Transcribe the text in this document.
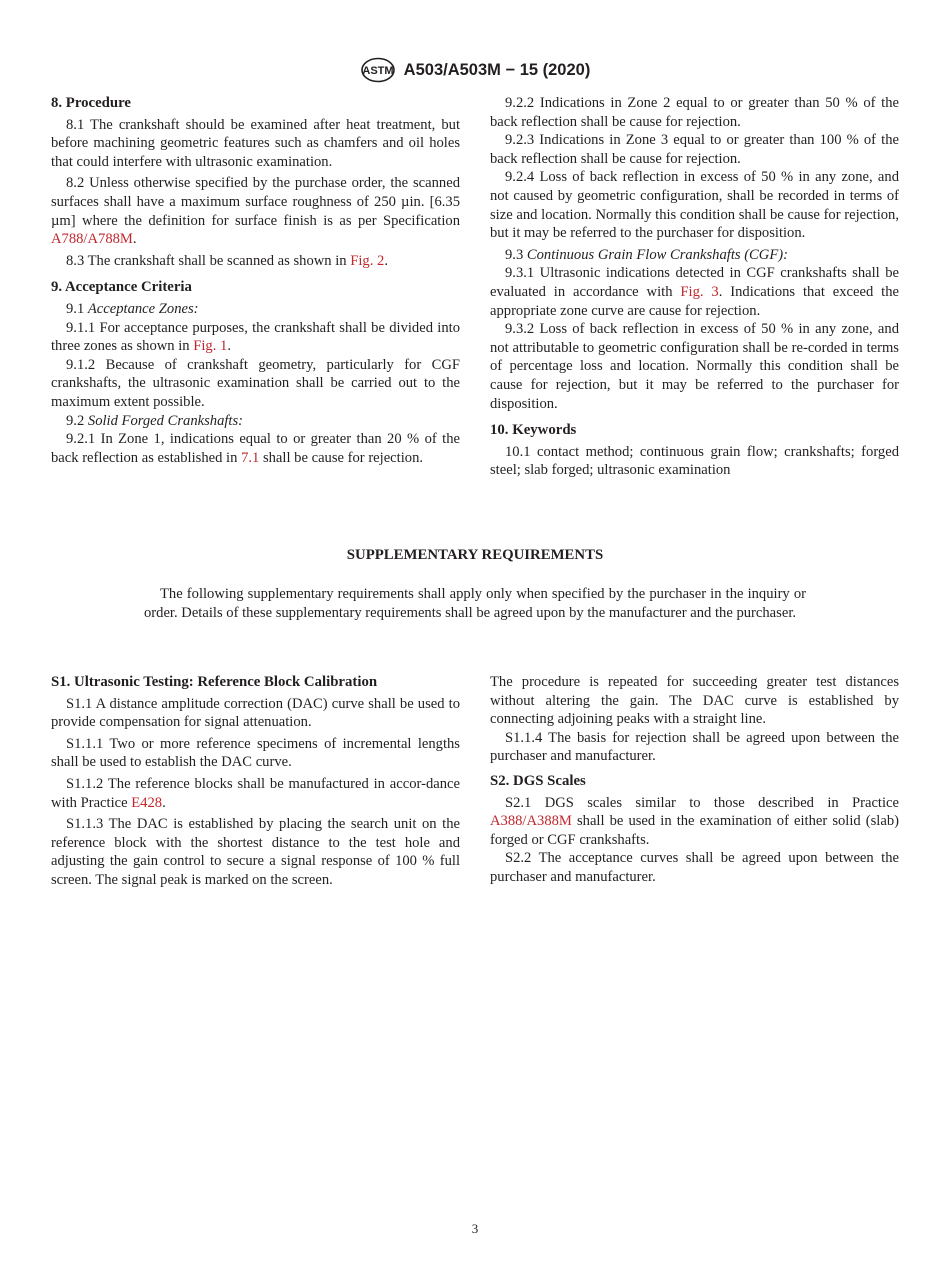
ASTM A503/A503M − 15 (2020)
8. Procedure

8.1 The crankshaft should be examined after heat treatment, but before machining geometric features such as chamfers and oil holes that could interfere with ultrasonic examination.

8.2 Unless otherwise specified by the purchase order, the scanned surfaces shall have a maximum surface roughness of 250 µin. [6.35 µm] where the definition for surface finish is as per Specification A788/A788M.

8.3 The crankshaft shall be scanned as shown in Fig. 2.

9. Acceptance Criteria

9.1 Acceptance Zones:

9.1.1 For acceptance purposes, the crankshaft shall be divided into three zones as shown in Fig. 1.

9.1.2 Because of crankshaft geometry, particularly for CGF crankshafts, the ultrasonic examination shall be carried out to the maximum extent possible.

9.2 Solid Forged Crankshafts:

9.2.1 In Zone 1, indications equal to or greater than 20 % of the back reflection as established in 7.1 shall be cause for rejection.

9.2.2 Indications in Zone 2 equal to or greater than 50 % of the back reflection shall be cause for rejection.

9.2.3 Indications in Zone 3 equal to or greater than 100 % of the back reflection shall be cause for rejection.

9.2.4 Loss of back reflection in excess of 50 % in any zone, and not caused by geometric configuration, shall be recorded in terms of size and location. Normally this condition shall be cause for rejection, but it may be referred to the purchaser for disposition.

9.3 Continuous Grain Flow Crankshafts (CGF):

9.3.1 Ultrasonic indications detected in CGF crankshafts shall be evaluated in accordance with Fig. 3. Indications that exceed the appropriate zone curve are cause for rejection.

9.3.2 Loss of back reflection in excess of 50 % in any zone, and not attributable to geometric configuration shall be re-corded in terms of percentage loss and location. Normally this condition shall be cause for rejection, but it may be referred to the purchaser for disposition.

10. Keywords

10.1 contact method; continuous grain flow; crankshafts; forged steel; slab forged; ultrasonic examination

SUPPLEMENTARY REQUIREMENTS

The following supplementary requirements shall apply only when specified by the purchaser in the inquiry or order. Details of these supplementary requirements shall be agreed upon by the manufacturer and the purchaser.

S1. Ultrasonic Testing: Reference Block Calibration

S1.1 A distance amplitude correction (DAC) curve shall be used to provide compensation for signal attenuation.

S1.1.1 Two or more reference specimens of incremental lengths shall be used to establish the DAC curve.

S1.1.2 The reference blocks shall be manufactured in accor-dance with Practice E428.

S1.1.3 The DAC is established by placing the search unit on the reference block with the shortest distance to the test hole and adjusting the gain control to secure a signal response of 100 % full screen. The signal peak is marked on the screen.

The procedure is repeated for succeeding greater test distances without altering the gain. The DAC curve is established by connecting adjoining peaks with a straight line.

S1.1.4 The basis for rejection shall be agreed upon between the purchaser and manufacturer.

S2. DGS Scales

S2.1 DGS scales similar to those described in Practice A388/A388M shall be used in the examination of either solid (slab) forged or CGF crankshafts.

S2.2 The acceptance curves shall be agreed upon between the purchaser and manufacturer.

3
